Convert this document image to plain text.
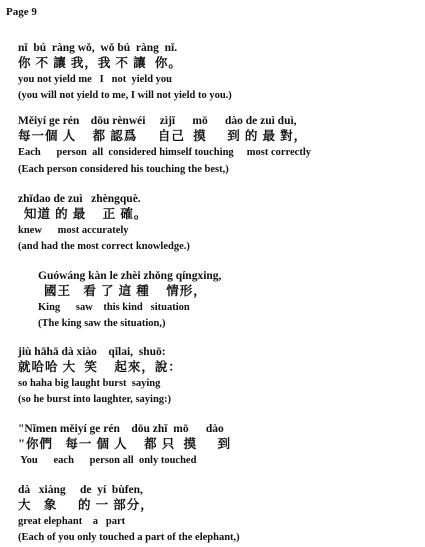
Page 9
nǐ  bú  ràng wǒ,  wǒ bú  ràng  nǐ.
你 不 讓 我，我 不 讓  你。
you not yield me   I   not  yield you
(you will not yield to me, I will not yield to you.)
Měiyí ge rén    dōu rènwéi     zìjǐ      mō      dào de zuì duì,
每一個 人    都 認爲     自己  摸     到 的 最 對，
Each      person  all  considered himself touching     most correctly
(Each person considered his touching the best,)
zhīdao de zuì   zhèngquè.
知道 的 最    正 確。
knew      most accurately
(and had the most correct knowledge.)
Guówáng kàn le zhèi zhǒng qíngxing,
國王   看 了 這 種    情形，
King      saw    this kind   situation
(The king saw the situation,)
jiù hāhā dà xiào    qǐlai,  shuō:
就哈哈 大  笑    起來，說：
so haha big laught burst  saying
(so he burst into laughter, saying:)
"Nǐmen měiyí ge rén    dōu zhǐ  mō      dào
"你們   每一 個 人    都 只  摸     到
You      each      person all  only touched
dà   xiàng     de  yí  bùfen,
大   象     的 一 部分，
great elephant    a   part
(Each of you only touched a part of the elephant,)
